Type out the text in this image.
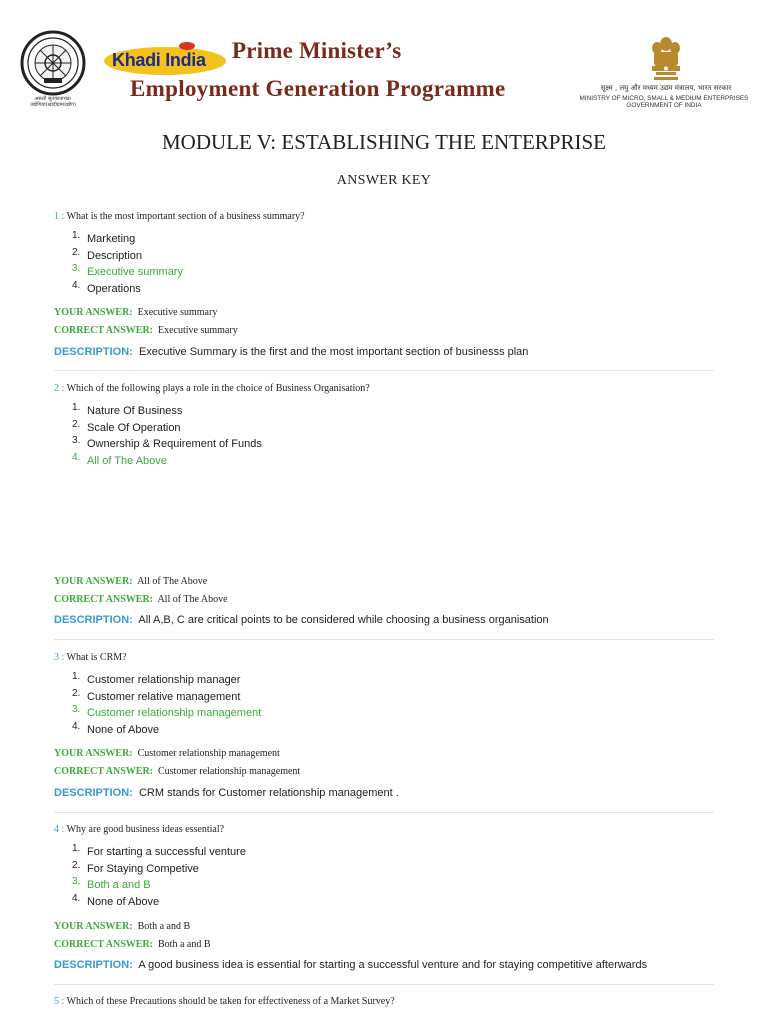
असली सूतकातारख।
उद्योगिया(खादीग्रामउद्योग)
Khadi India Prime Minister’s
Employment Generation Programme	सूक्ष्म , लघु और मध्यम उद्यम मंत्रालय, भारत सरकार
MINISTRY OF MICRO, SMALL & MEDIUM ENTERPRISES
GOVERNMENT OF INDIA
MODULE V: ESTABLISHING THE ENTERPRISE
ANSWER KEY
1 : What is the most important section of a business summary?
1. Marketing
2. Description
3. Executive summary
4. Operations
YOUR ANSWER: Executive summary
CORRECT ANSWER: Executive summary
DESCRIPTION: Executive Summary is the first and the most important section of businesss plan
2 : Which of the following plays a role in the choice of Business Organisation?
1. Nature Of Business
2. Scale Of Operation
3. Ownership & Requirement of Funds
4. All of The Above
YOUR ANSWER: All of The Above
CORRECT ANSWER: All of The Above
DESCRIPTION: All A,B, C are critical points to be considered while choosing a business organisation
3 : What is CRM?
1. Customer relationship manager
2. Customer relative management
3. Customer relationship management
4. None of Above
YOUR ANSWER: Customer relationship management
CORRECT ANSWER: Customer relationship management
DESCRIPTION: CRM stands for Customer relationship management .
4 : Why are good business ideas essential?
1. For starting a successful venture
2. For Staying Competive
3. Both a and B
4. None of Above
YOUR ANSWER: Both a and B
CORRECT ANSWER: Both a and B
DESCRIPTION: A good business idea is essential for starting a successful venture and for staying competitive afterwards
5 : Which of these Precautions should be taken for effectiveness of a Market Survey?
